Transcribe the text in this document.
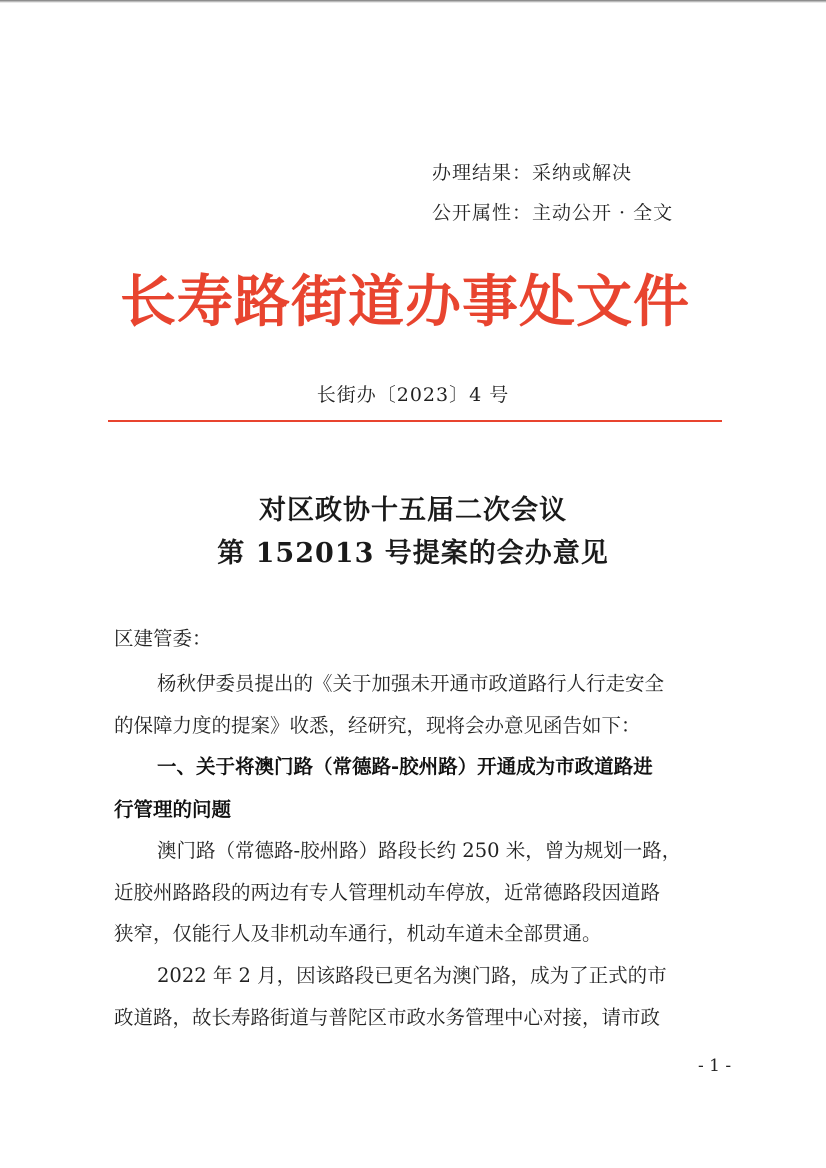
办理结果：采纳或解决
公开属性：主动公开 · 全文
长寿路街道办事处文件
长街办〔2023〕4 号
对区政协十五届二次会议
第 152013 号提案的会办意见
区建管委：
杨秋伊委员提出的《关于加强未开通市政道路行人行走安全
的保障力度的提案》收悉，经研究，现将会办意见函告如下：
一、关于将澳门路（常德路-胶州路）开通成为市政道路进
行管理的问题
澳门路（常德路-胶州路）路段长约 250 米，曾为规划一路，
近胶州路路段的两边有专人管理机动车停放，近常德路段因道路
狭窄，仅能行人及非机动车通行，机动车道未全部贯通。
2022 年 2 月，因该路段已更名为澳门路，成为了正式的市
政道路，故长寿路街道与普陀区市政水务管理中心对接，请市政
- 1 -
